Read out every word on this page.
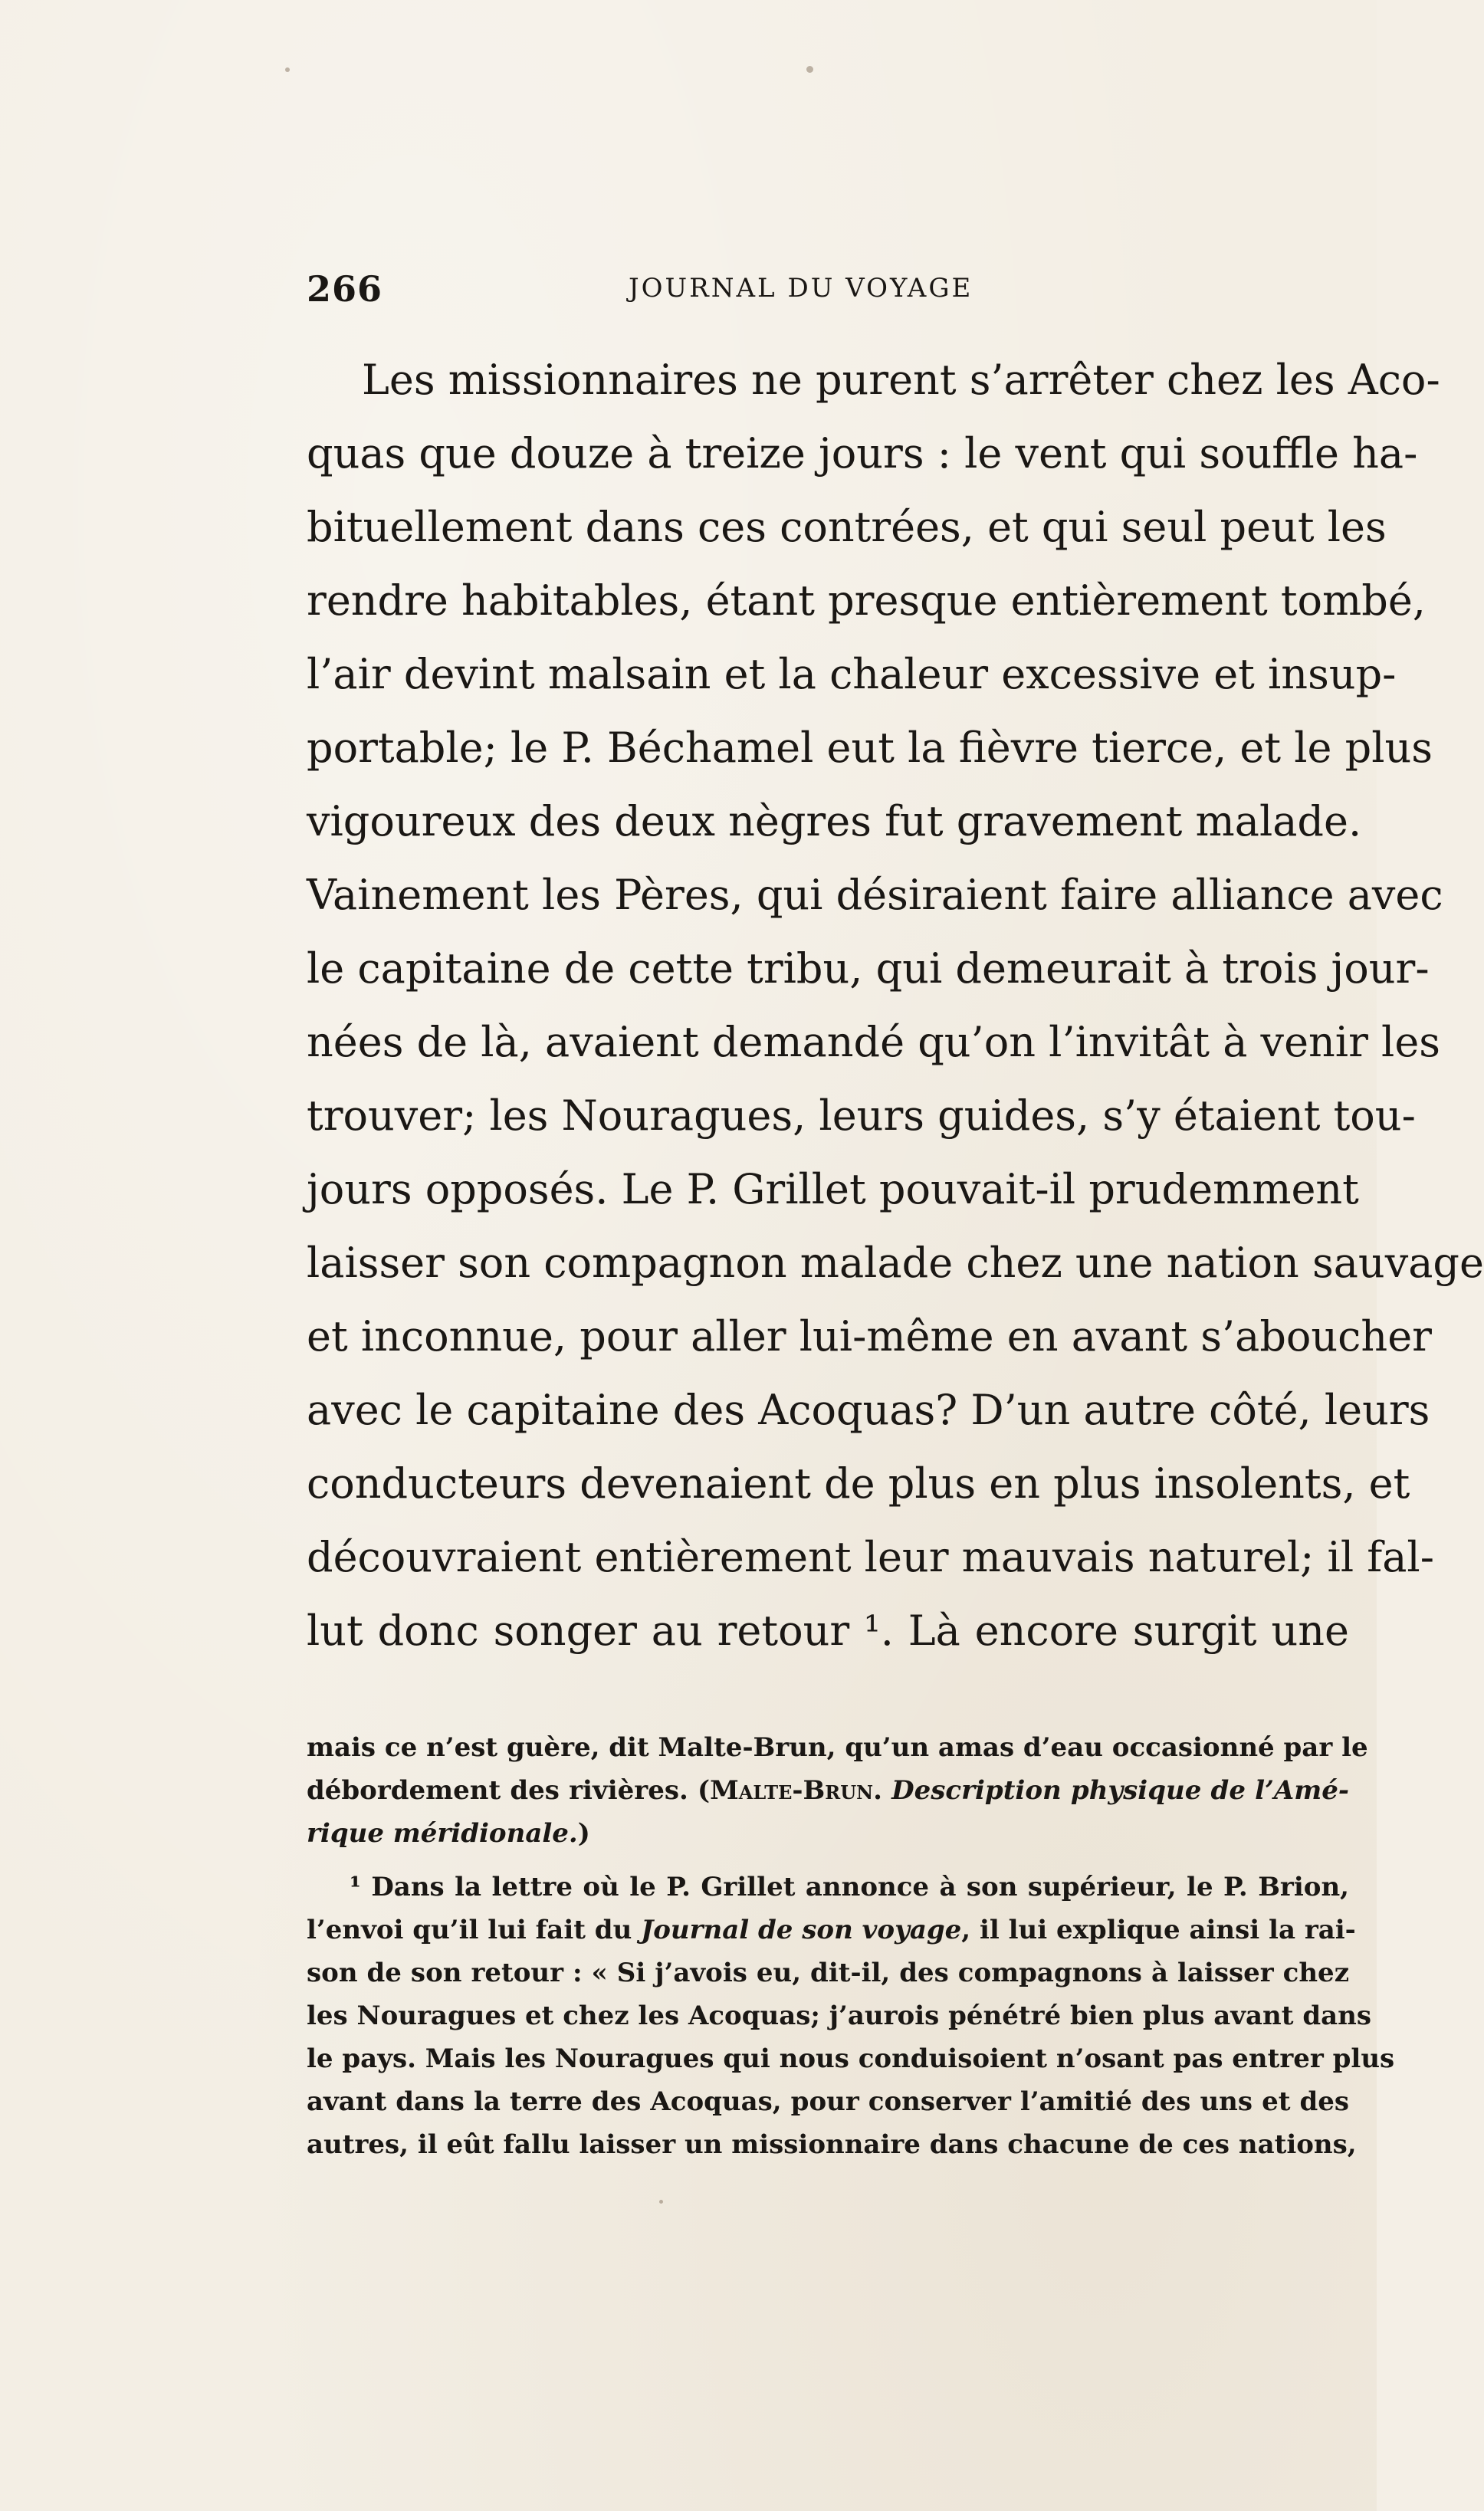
266	JOURNAL DU VOYAGE
Les missionnaires ne purent s’arrêter chez les Aco-
quas que douze à treize jours : le vent qui souffle ha-
bituellement dans ces contrées, et qui seul peut les
rendre habitables, étant presque entièrement tombé,
l’air devint malsain et la chaleur excessive et insup-
portable; le P. Béchamel eut la fièvre tierce, et le plus
vigoureux des deux nègres fut gravement malade.
Vainement les Pères, qui désiraient faire alliance avec
le capitaine de cette tribu, qui demeurait à trois jour-
nées de là, avaient demandé qu’on l’invitât à venir les
trouver; les Nouragues, leurs guides, s’y étaient tou-
jours opposés. Le P. Grillet pouvait-il prudemment
laisser son compagnon malade chez une nation sauvage
et inconnue, pour aller lui-même en avant s’aboucher
avec le capitaine des Acoquas? D’un autre côté, leurs
conducteurs devenaient de plus en plus insolents, et
découvraient entièrement leur mauvais naturel; il fal-
lut donc songer au retour ¹. Là encore surgit une
mais ce n’est guère, dit Malte-Brun, qu’un amas d’eau occasionné par le
débordement des rivières. (Malte-Brun. Description physique de l’Amé-
rique méridionale.)
¹ Dans la lettre où le P. Grillet annonce à son supérieur, le P. Brion,
l’envoi qu’il lui fait du Journal de son voyage, il lui explique ainsi la rai-
son de son retour : « Si j’avois eu, dit-il, des compagnons à laisser chez
les Nouragues et chez les Acoquas; j’aurois pénétré bien plus avant dans
le pays. Mais les Nouragues qui nous conduisoient n’osant pas entrer plus
avant dans la terre des Acoquas, pour conserver l’amitié des uns et des
autres, il eût fallu laisser un missionnaire dans chacune de ces nations,
